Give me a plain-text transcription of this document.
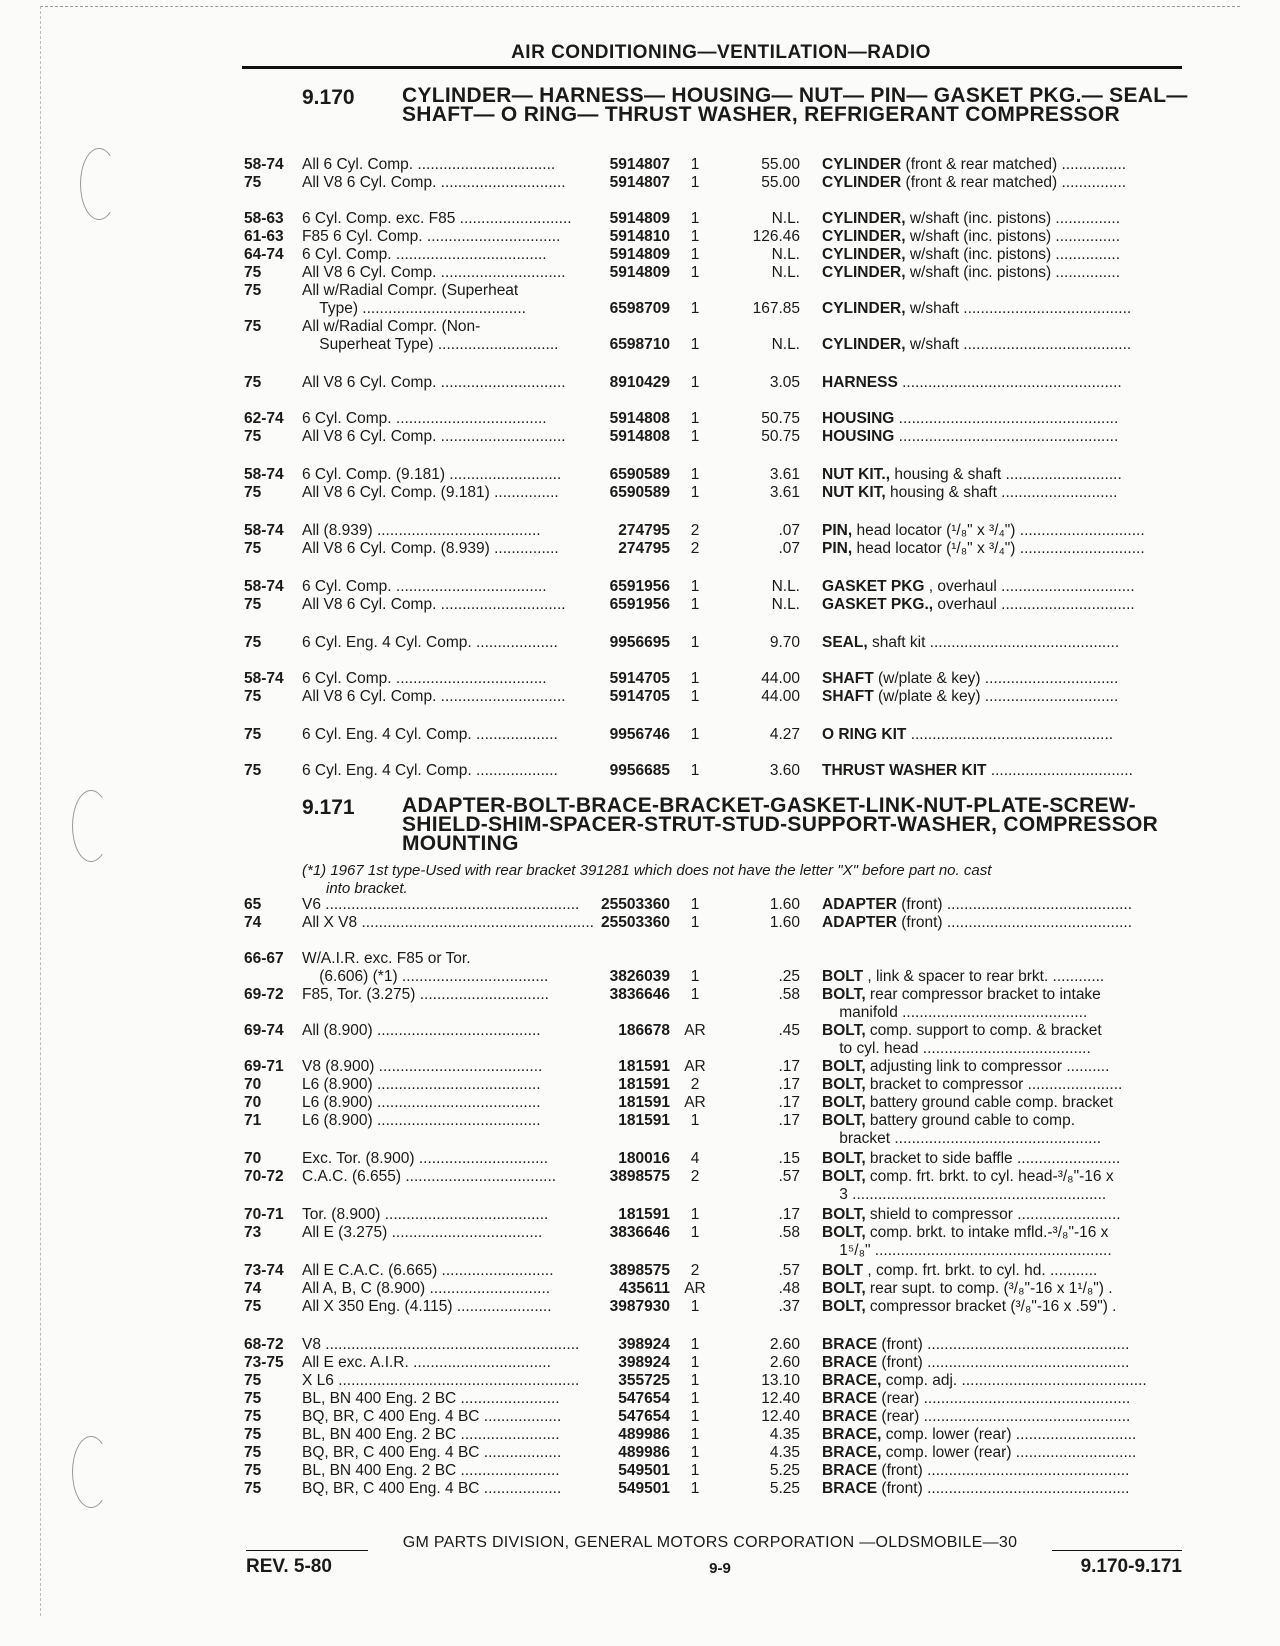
AIR CONDITIONING—VENTILATION—RADIO
9.170 CYLINDER— HARNESS— HOUSING— NUT— PIN— GASKET PKG.— SEAL— SHAFT— O RING— THRUST WASHER, REFRIGERANT COMPRESSOR
58-74 All 6 Cyl. Comp. ................................	5914807	1	55.00 CYLINDER (front & rear matched) ...............
75	All V8 6 Cyl. Comp. .............................	5914807	1	55.00 CYLINDER (front & rear matched) ...............
58-63 6 Cyl. Comp. exc. F85 ..........................	5914809	1	N.L. CYLINDER, w/shaft (inc. pistons) ...............
61-63 F85 6 Cyl. Comp. ...............................	5914810	1	126.46 CYLINDER, w/shaft (inc. pistons) ...............
64-74 6 Cyl. Comp. ...................................	5914809	1	N.L. CYLINDER, w/shaft (inc. pistons) ...............
75	All V8 6 Cyl. Comp. .............................	5914809	1	N.L. CYLINDER, w/shaft (inc. pistons) ...............
75	All w/Radial Compr. (Superheat
Type) ......................................	6598709	1	167.85 CYLINDER, w/shaft .......................................
75	All w/Radial Compr. (Non-
Superheat Type) ............................	6598710	1	N.L. CYLINDER, w/shaft .......................................
75	All V8 6 Cyl. Comp. .............................	8910429	1	3.05 HARNESS ...................................................
62-74 6 Cyl. Comp. ...................................	5914808	1	50.75 HOUSING ...................................................
75	All V8 6 Cyl. Comp. .............................	5914808	1	50.75 HOUSING ...................................................
58-74 6 Cyl. Comp. (9.181) ..........................	6590589	1	3.61 NUT KIT., housing & shaft ...........................
75	All V8 6 Cyl. Comp. (9.181) ...............	6590589	1	3.61 NUT KIT, housing & shaft ...........................
58-74 All (8.939) ......................................	274795	2	.07 PIN, head locator (¹/₈" x ³/₄") .............................
75	All V8 6 Cyl. Comp. (8.939) ...............	274795	2	.07 PIN, head locator (¹/₈" x ³/₄") .............................
58-74 6 Cyl. Comp. ...................................	6591956	1	N.L. GASKET PKG , overhaul ...............................
75	All V8 6 Cyl. Comp. .............................	6591956	1	N.L. GASKET PKG., overhaul ...............................
75	6 Cyl. Eng. 4 Cyl. Comp. ...................	9956695	1	9.70 SEAL, shaft kit ............................................
58-74 6 Cyl. Comp. ...................................	5914705	1	44.00 SHAFT (w/plate & key) ...............................
75	All V8 6 Cyl. Comp. .............................	5914705	1	44.00 SHAFT (w/plate & key) ...............................
75	6 Cyl. Eng. 4 Cyl. Comp. ...................	9956746	1	4.27 O RING KIT ...............................................
75	6 Cyl. Eng. 4 Cyl. Comp. ...................	9956685	1	3.60 THRUST WASHER KIT .................................
9.171 ADAPTER-BOLT-BRACE-BRACKET-GASKET-LINK-NUT-PLATE-SCREW-SHIELD-SHIM-SPACER-STRUT-STUD-SUPPORT-WASHER, COMPRESSOR MOUNTING
(*1) 1967 1st type-Used with rear bracket 391281 which does not have the letter "X" before part no. cast
into bracket.
65	V6 ...........................................................	25503360	1	1.60 ADAPTER (front) ...........................................
74	All X V8 ...................................................... 25503360	1	1.60 ADAPTER (front) ...........................................
66-67 W/A.I.R. exc. F85 or Tor.
(6.606) (*1) ..................................	3826039	1	.25 BOLT , link & spacer to rear brkt. ............
69-72 F85, Tor. (3.275) ..............................	3836646	1	.58 BOLT, rear compressor bracket to intake
manifold ...........................................
69-74 All (8.900) ......................................	186678 AR	.45 BOLT, comp. support to comp. & bracket
to cyl. head .......................................
69-71 V8 (8.900) ......................................	181591 AR	.17 BOLT, adjusting link to compressor ..........
70	L6 (8.900) ......................................	181591	2	.17 BOLT, bracket to compressor ......................
70	L6 (8.900) ......................................	181591 AR	.17 BOLT, battery ground cable comp. bracket
71	L6 (8.900) ......................................	181591	1	.17 BOLT, battery ground cable to comp.
bracket ................................................
70	Exc. Tor. (8.900) ..............................	180016	4	.15 BOLT, bracket to side baffle ........................
70-72 C.A.C. (6.655) ...................................	3898575	2	.57 BOLT, comp. frt. brkt. to cyl. head-³/₈"-16 x
3 ...........................................................
70-71 Tor. (8.900) ......................................	181591	1	.17 BOLT, shield to compressor ........................
73	All E (3.275) ...................................	3836646	1	.58 BOLT, comp. brkt. to intake mfld.-³/₈"-16 x
1⁵/₈" .......................................................
73-74 All E C.A.C. (6.665) ..........................	3898575	2	.57 BOLT , comp. frt. brkt. to cyl. hd. ...........
74	All A, B, C (8.900) ............................	435611 AR	.48 BOLT, rear supt. to comp. (³/₈"-16 x 1¹/₈") .
75	All X 350 Eng. (4.115) ......................	3987930	1	.37 BOLT, compressor bracket (³/₈"-16 x .59") .
68-72 V8 ...........................................................	398924	1	2.60 BRACE (front) ...............................................
73-75 All E exc. A.I.R. ................................	398924	1	2.60 BRACE (front) ...............................................
75	X L6 ........................................................	355725	1	13.10 BRACE, comp. adj. ...........................................
75	BL, BN 400 Eng. 2 BC .......................	547654	1	12.40 BRACE (rear) ................................................
75	BQ, BR, C 400 Eng. 4 BC ..................	547654	1	12.40 BRACE (rear) ................................................
75	BL, BN 400 Eng. 2 BC .......................	489986	1	4.35 BRACE, comp. lower (rear) ............................
75	BQ, BR, C 400 Eng. 4 BC ..................	489986	1	4.35 BRACE, comp. lower (rear) ............................
75	BL, BN 400 Eng. 2 BC .......................	549501	1	5.25 BRACE (front) ...............................................
75	BQ, BR, C 400 Eng. 4 BC ..................	549501	1	5.25 BRACE (front) ...............................................
GM PARTS DIVISION, GENERAL MOTORS CORPORATION —OLDSMOBILE—30
REV. 5-80	9-9	9.170-9.171
